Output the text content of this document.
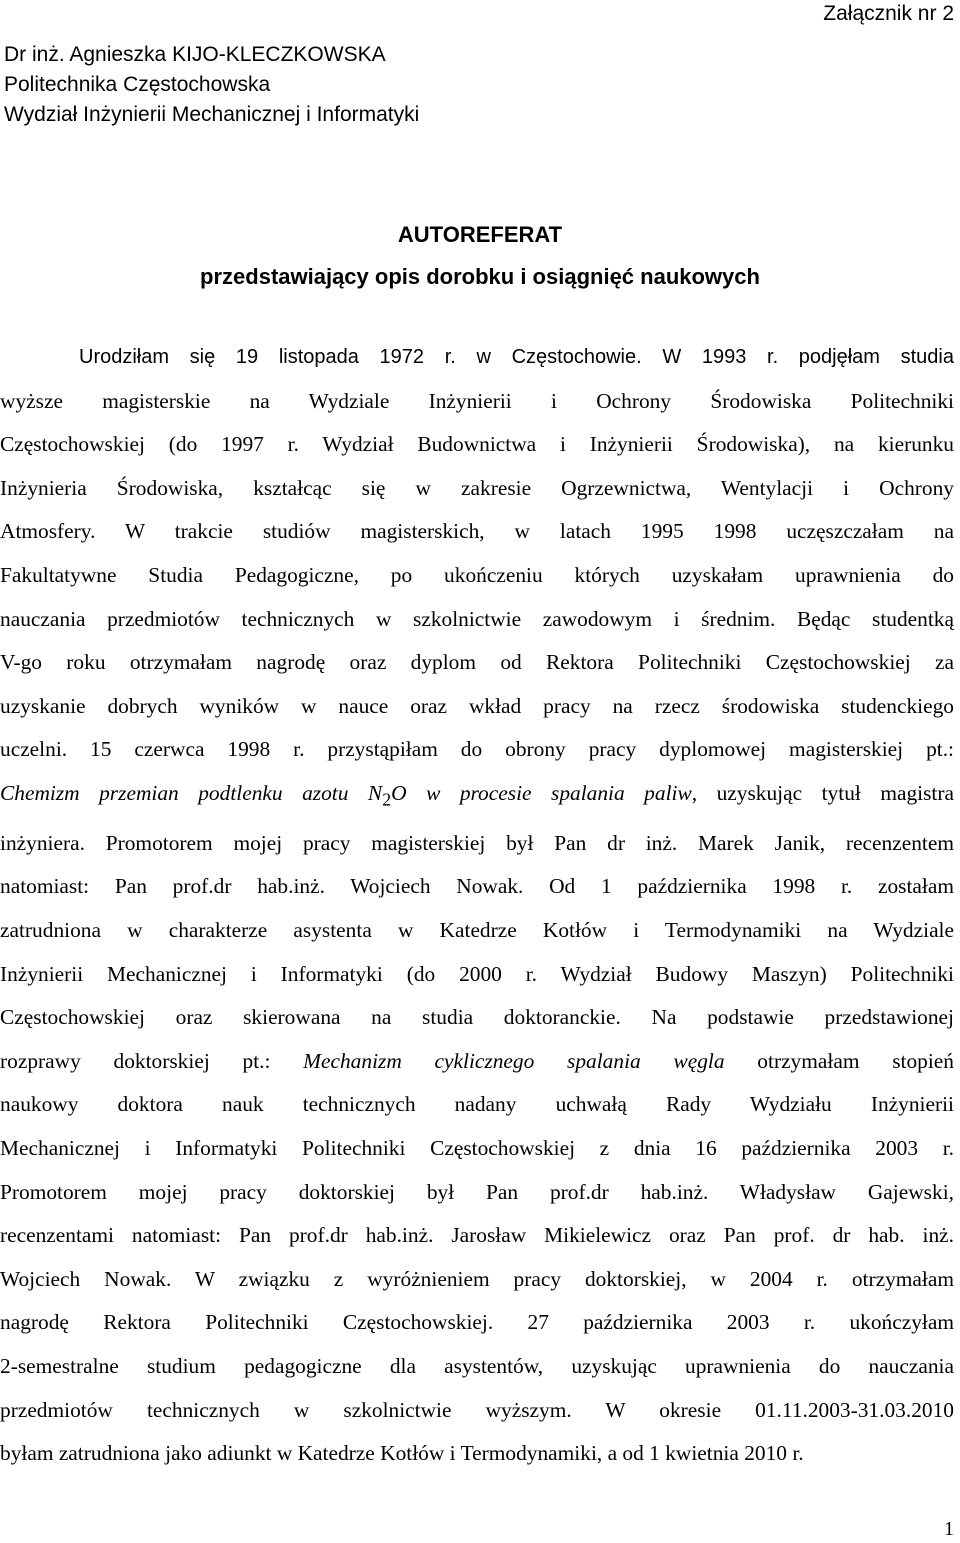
Załącznik nr 2
Dr inż. Agnieszka KIJO-KLECZKOWSKA
Politechnika Częstochowska
Wydział Inżynierii Mechanicznej i Informatyki
AUTOREFERAT
przedstawiający opis dorobku i osiągnięć naukowych
Urodziłam się 19 listopada 1972 r. w Częstochowie. W 1993 r. podjęłam studia
wyższe magisterskie na Wydziale Inżynierii i Ochrony Środowiska Politechniki
Częstochowskiej (do 1997 r. Wydział Budownictwa i Inżynierii Środowiska), na kierunku
Inżynieria Środowiska, kształcąc się w zakresie Ogrzewnictwa, Wentylacji i Ochrony
Atmosfery. W trakcie studiów magisterskich, w latach 1995 1998 uczęszczałam na
Fakultatywne Studia Pedagogiczne, po ukończeniu których uzyskałam uprawnienia do
nauczania przedmiotów technicznych w szkolnictwie zawodowym i średnim. Będąc studentką
V-go roku otrzymałam nagrodę oraz dyplom od Rektora Politechniki Częstochowskiej za
uzyskanie dobrych wyników w nauce oraz wkład pracy na rzecz środowiska studenckiego
uczelni. 15 czerwca 1998 r. przystąpiłam do obrony pracy dyplomowej magisterskiej pt.:
Chemizm przemian podtlenku azotu $N_2O$ w procesie spalania paliw, uzyskując tytuł magistra
inżyniera. Promotorem mojej pracy magisterskiej był Pan dr inż. Marek Janik, recenzentem
natomiast: Pan prof.dr hab.inż. Wojciech Nowak. Od 1 października 1998 r. zostałam
zatrudniona w charakterze asystenta w Katedrze Kotłów i Termodynamiki na Wydziale
Inżynierii Mechanicznej i Informatyki (do 2000 r. Wydział Budowy Maszyn) Politechniki
Częstochowskiej oraz skierowana na studia doktoranckie. Na podstawie przedstawionej
rozprawy doktorskiej pt.: Mechanizm cyklicznego spalania węgla otrzymałam stopień
naukowy doktora nauk technicznych nadany uchwałą Rady Wydziału Inżynierii
Mechanicznej i Informatyki Politechniki Częstochowskiej z dnia 16 października 2003 r.
Promotorem mojej pracy doktorskiej był Pan prof.dr hab.inż. Władysław Gajewski,
recenzentami natomiast: Pan prof.dr hab.inż. Jarosław Mikielewicz oraz Pan prof. dr hab. inż.
Wojciech Nowak. W związku z wyróżnieniem pracy doktorskiej, w 2004 r. otrzymałam
nagrodę Rektora Politechniki Częstochowskiej. 27 października 2003 r. ukończyłam
2-semestralne studium pedagogiczne dla asystentów, uzyskując uprawnienia do nauczania
przedmiotów technicznych w szkolnictwie wyższym. W okresie 01.11.2003-31.03.2010
byłam zatrudniona jako adiunkt w Katedrze Kotłów i Termodynamiki, a od 1 kwietnia 2010 r.
1
